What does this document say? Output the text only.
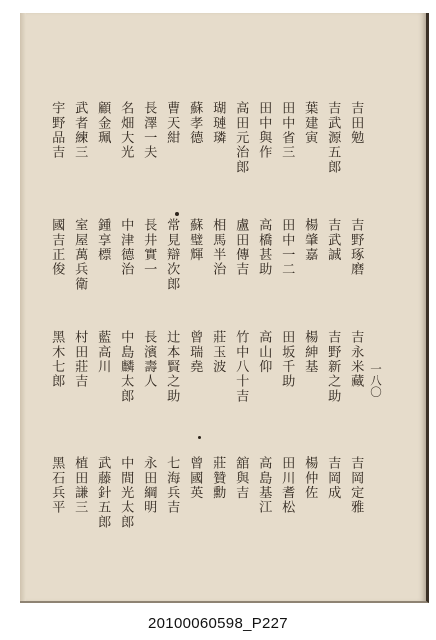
一八〇
吉田勉
吉野琢磨
吉永米藏
吉岡定雅
吉武源五郎
吉武誠
吉野新之助
吉岡成
葉建寅
楊肇嘉
楊紳基
楊仲佐
田中省三
田中一二
田坂千助
田川耆松
田中與作
高橋甚助
高山仰
高島基江
高田元治郎
盧田傳吉
竹中八十吉
舘與吉
瑚璉璘
相馬半治
莊玉波
莊贊勳
蘇孝德
蘇璧輝
曾瑞堯
曾國英
曹天紺
常見辯次郎
辻本賢之助
七海兵吉
長澤一夫
長井實一
長濱壽人
永田綱明
名畑大光
中津德治
中島麟太郎
中間光太郎
顧金珮
鍾享標
藍高川
武藤針五郎
武者練三
室屋萬兵衛
村田莊吉
植田謙三
宇野品吉
國吉正俊
黑木七郎
黑石兵平
20100060598_P227
